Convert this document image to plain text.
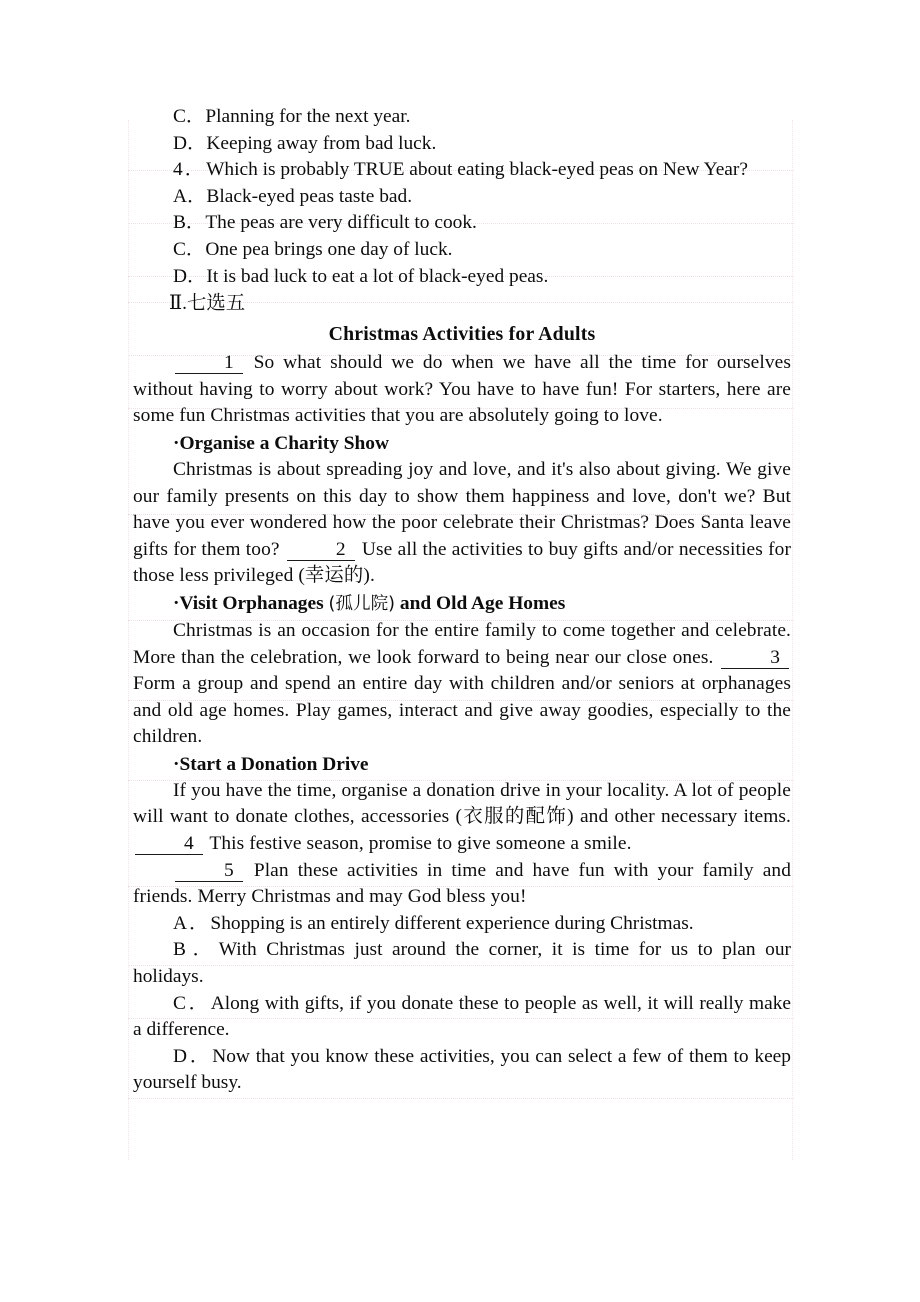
C．Planning for the next year.

D．Keeping away from bad luck.

4．Which is probably TRUE about eating black-eyed peas on New Year?

A．Black-eyed peas taste bad.

B．The peas are very difficult to cook.

C．One pea brings one day of luck.

D．It is bad luck to eat a lot of black-eyed peas.

Ⅱ.七选五

Christmas Activities for Adults

1 So what should we do when we have all the time for ourselves without having to worry about work? You have to have fun! For starters, here are some fun Christmas activities that you are absolutely going to love.

·Organise a Charity Show

Christmas is about spreading joy and love, and it's also about giving. We give our family presents on this day to show them happiness and love, don't we? But have you ever wondered how the poor celebrate their Christmas? Does Santa leave gifts for them too?	2 Use all the activities to buy gifts and/or necessities for those less privileged (幸运的).

·Visit Orphanages (孤儿院) and Old Age Homes

Christmas is an occasion for the entire family to come together and celebrate. More than the celebration, we look forward to being near our close ones.	3 Form a group and spend an entire day with children and/or seniors at orphanages and old age homes. Play games, interact and give away goodies, especially to the children.

·Start a Donation Drive

If you have the time, organise a donation drive in your locality. A lot of people will want to donate clothes, accessories (衣服的配饰) and other necessary items. 4 This festive season, promise to give someone a smile.

5 Plan these activities in time and have fun with your family and friends. Merry Christmas and may God bless you!

A．Shopping is an entirely different experience during Christmas.

B．With Christmas just around the corner, it is time for us to plan our holidays.

C．Along with gifts, if you donate these to people as well, it will really make a difference.

D．Now that you know these activities, you can select a few of them to keep yourself busy.
